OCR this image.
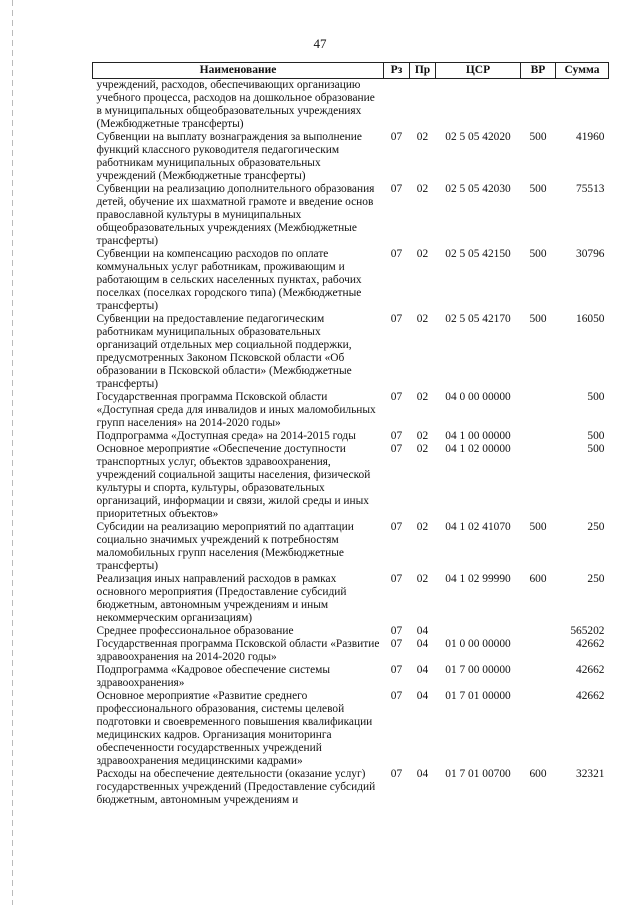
47
Наименование	Рз	Пр	ЦСР	ВР	Сумма
учреждений, расходов, обеспечивающих организацию учебного процесса, расходов на дошкольное образование в муниципальных общеобразовательных учреждениях (Межбюджетные трансферты)					
Субвенции на выплату вознаграждения за выполнение функций классного руководителя педагогическим работникам муниципальных образовательных учреждений (Межбюджетные трансферты)	07	02	02 5 05 42020	500	41960
Субвенции на реализацию дополнительного образования детей, обучение их шахматной грамоте и введение основ православной культуры в муниципальных общеобразовательных учреждениях (Межбюджетные трансферты)	07	02	02 5 05 42030	500	75513
Субвенции на компенсацию расходов по оплате коммунальных услуг работникам, проживающим и работающим в сельских населенных пунктах, рабочих поселках (поселках городского типа) (Межбюджетные трансферты)	07	02	02 5 05 42150	500	30796
Субвенции на предоставление педагогическим работникам муниципальных образовательных организаций отдельных мер социальной поддержки, предусмотренных Законом Псковской области «Об образовании в Псковской области» (Межбюджетные трансферты)	07	02	02 5 05 42170	500	16050
Государственная программа Псковской области «Доступная среда для инвалидов и иных маломобильных групп населения» на 2014-2020 годы»	07	02	04 0 00 00000		500
Подпрограмма «Доступная среда» на 2014-2015 годы	07	02	04 1 00 00000		500
Основное мероприятие «Обеспечение доступности транспортных услуг, объектов здравоохранения, учреждений социальной защиты населения, физической культуры и спорта, культуры, образовательных организаций, информации и связи, жилой среды и иных приоритетных объектов»	07	02	04 1 02 00000		500
Субсидии на реализацию мероприятий по адаптации социально значимых учреждений к потребностям маломобильных групп населения (Межбюджетные трансферты)	07	02	04 1 02 41070	500	250
Реализация иных направлений расходов в рамках основного мероприятия (Предоставление субсидий бюджетным, автономным учреждениям и иным некоммерческим организациям)	07	02	04 1 02 99990	600	250
Среднее профессиональное образование	07	04			565202
Государственная программа Псковской области «Развитие здравоохранения на 2014-2020 годы»	07	04	01 0 00 00000		42662
Подпрограмма «Кадровое обеспечение системы здравоохранения»	07	04	01 7 00 00000		42662
Основное мероприятие «Развитие среднего профессионального образования, системы целевой подготовки и своевременного повышения квалификации медицинских кадров. Организация мониторинга обеспеченности государственных учреждений здравоохранения медицинскими кадрами»	07	04	01 7 01 00000		42662
Расходы на обеспечение деятельности (оказание услуг) государственных учреждений (Предоставление субсидий бюджетным, автономным учреждениям и	07	04	01 7 01 00700	600	32321
